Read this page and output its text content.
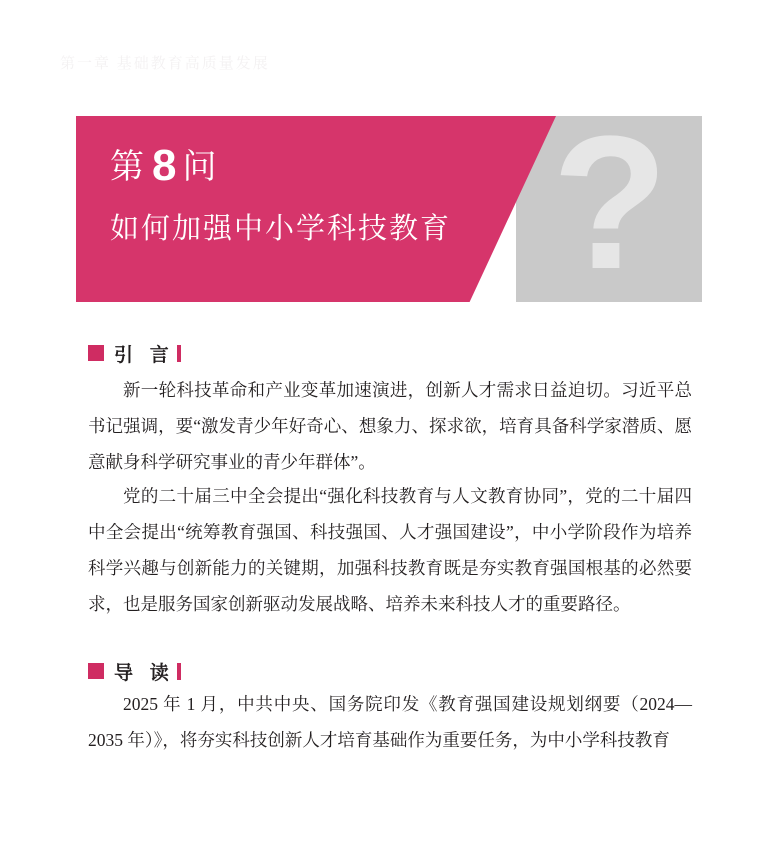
第一章 基础教育高质量发展
?
第8 问
如何加强中小学科技教育
引 言
新一轮科技革命和产业变革加速演进，创新人才需求日益迫切。习近平总书记强调，要“激发青少年好奇心、想象力、探求欲，培育具备科学家潜质、愿意献身科学研究事业的青少年群体”。
党的二十届三中全会提出“强化科技教育与人文教育协同”，党的二十届四中全会提出“统筹教育强国、科技强国、人才强国建设”，中小学阶段作为培养科学兴趣与创新能力的关键期，加强科技教育既是夯实教育强国根基的必然要求，也是服务国家创新驱动发展战略、培养未来科技人才的重要路径。
导 读
2025 年 1 月，中共中央、国务院印发《教育强国建设规划纲要（2024—2035 年）》，将夯实科技创新人才培育基础作为重要任务，为中小学科技教育
